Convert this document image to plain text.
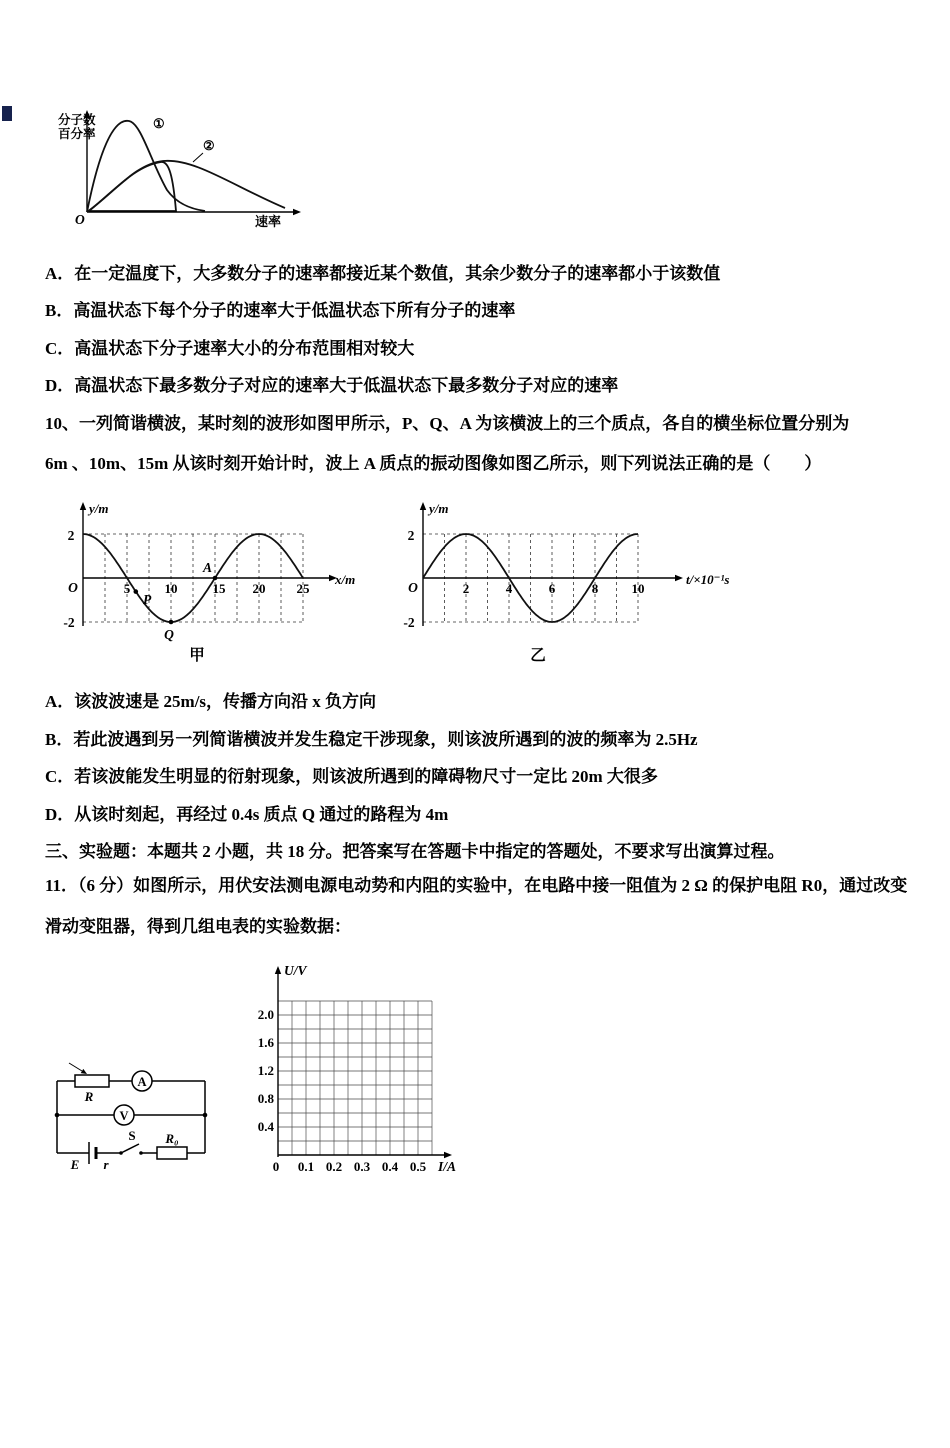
分子数
百分率
①
②
O	速率
A．在一定温度下，大多数分子的速率都接近某个数值，其余少数分子的速率都小于该数值
B．高温状态下每个分子的速率大于低温状态下所有分子的速率
C．高温状态下分子速率大小的分布范围相对较大
D．高温状态下最多数分子对应的速率大于低温状态下最多数分子对应的速率
10、一列简谐横波，某时刻的波形如图甲所示，P、Q、A 为该横波上的三个质点，各自的横坐标位置分别为
6m 、10m、15m 从该时刻开始计时，波上 A 质点的振动图像如图乙所示，则下列说法正确的是（　　）
y/m
2
-2
O	5	10	15 20 25
x/m
A
P
Q
甲
y/m
2
-2
O	2	4	6	8	10
t/×10⁻¹s
乙
A．该波波速是 25m/s，传播方向沿 x 负方向
B．若此波遇到另一列简谐横波并发生稳定干涉现象，则该波所遇到的波的频率为 2.5Hz
C．若该波能发生明显的衍射现象，则该波所遇到的障碍物尺寸一定比 20m 大很多
D．从该时刻起，再经过 0.4s 质点 Q 通过的路程为 4m
三、实验题：本题共 2 小题，共 18 分。把答案写在答题卡中指定的答题处，不要求写出演算过程。
11．（6 分）如图所示，用伏安法测电源电动势和内阻的实验中，在电路中接一阻值为 2 Ω 的保护电阻 R0，通过改变
滑动变阻器，得到几组电表的实验数据：
R
A
V
E r
S R₀
U/V
2.0
1.6
1.2
0.8
0.4
0 0.1 0.2 0.3 0.4 0.5 I/A
